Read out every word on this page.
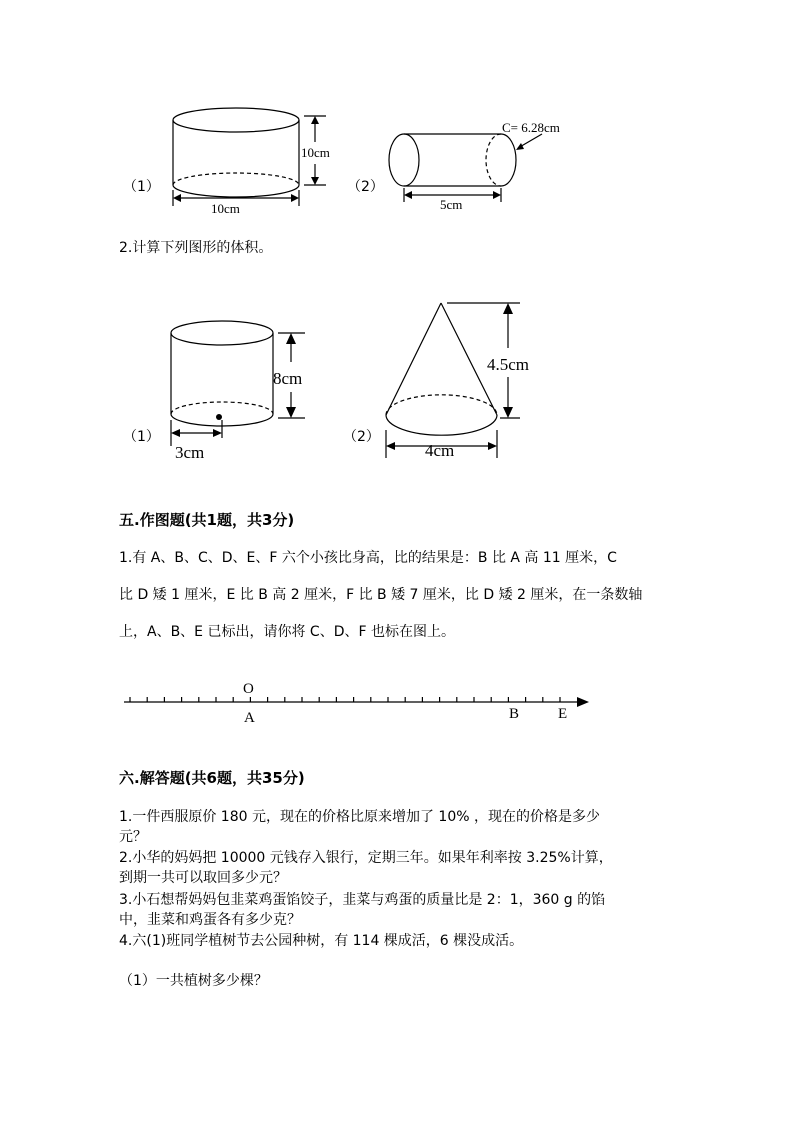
（1）
10cm
10cm
（2）
C= 6.28cm
5cm
2.计算下列图形的体积。
（1）
8cm
3cm
（2）
4.5cm
4cm
五.作图题(共1题，共3分)
1.有 A、B、C、D、E、F 六个小孩比身高，比的结果是：B 比 A 高 11 厘米，C
比 D 矮 1 厘米，E 比 B 高 2 厘米，F 比 B 矮 7 厘米，比 D 矮 2 厘米，在一条数轴
上，A、B、E 已标出，请你将 C、D、F 也标在图上。
O
A	B	E
六.解答题(共6题，共35分)
1.一件西服原价 180 元，现在的价格比原来增加了 10% ，现在的价格是多少
元？
2.小华的妈妈把 10000 元钱存入银行，定期三年。如果年利率按 3.25%计算，
到期一共可以取回多少元？
3.小石想帮妈妈包韭菜鸡蛋馅饺子，韭菜与鸡蛋的质量比是 2：1，360 g 的馅
中，韭菜和鸡蛋各有多少克？
4.六(1)班同学植树节去公园种树，有 114 棵成活，6 棵没成活。
（1）一共植树多少棵？
